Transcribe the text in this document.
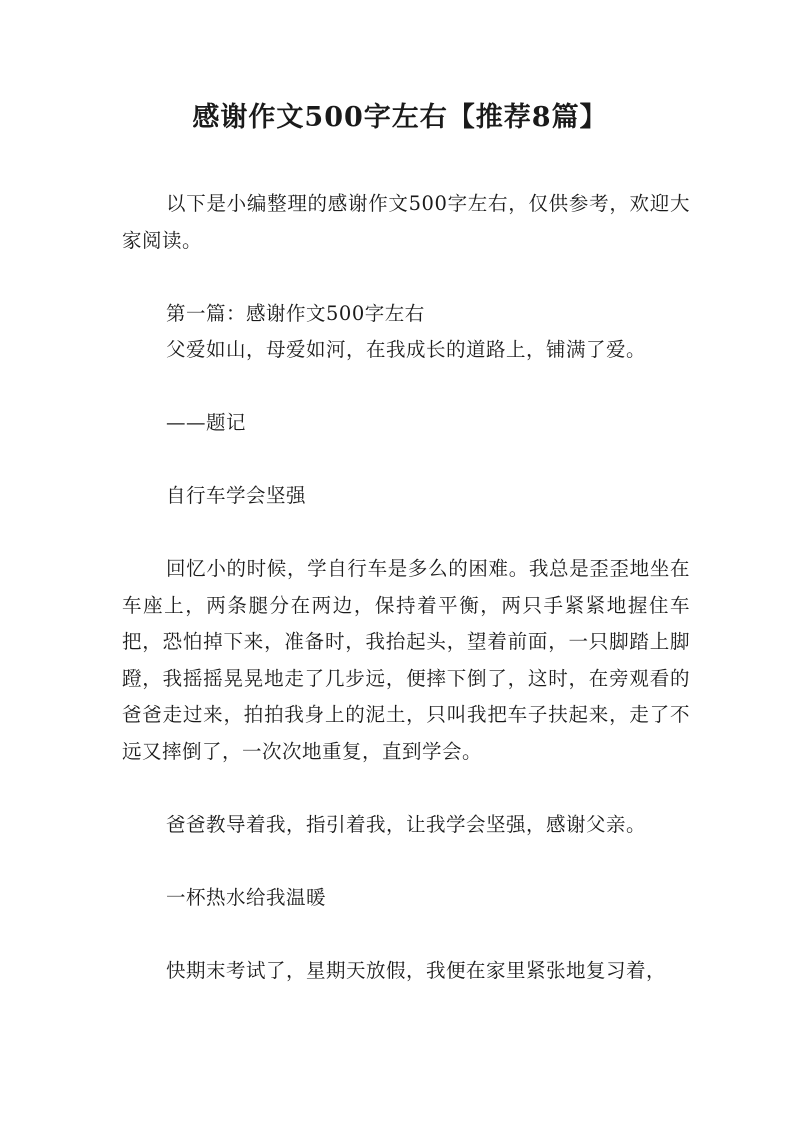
感谢作文500字左右【推荐8篇】

以下是小编整理的感谢作文500字左右，仅供参考，欢迎大家阅读。

第一篇：感谢作文500字左右

父爱如山，母爱如河，在我成长的道路上，铺满了爱。

——题记

自行车学会坚强

回忆小的时候，学自行车是多么的困难。我总是歪歪地坐在车座上，两条腿分在两边，保持着平衡，两只手紧紧地握住车把，恐怕掉下来，准备时，我抬起头，望着前面，一只脚踏上脚蹬，我摇摇晃晃地走了几步远，便摔下倒了，这时，在旁观看的爸爸走过来，拍拍我身上的泥土，只叫我把车子扶起来，走了不远又摔倒了，一次次地重复，直到学会。

爸爸教导着我，指引着我，让我学会坚强，感谢父亲。

一杯热水给我温暖

快期末考试了，星期天放假，我便在家里紧张地复习着，
